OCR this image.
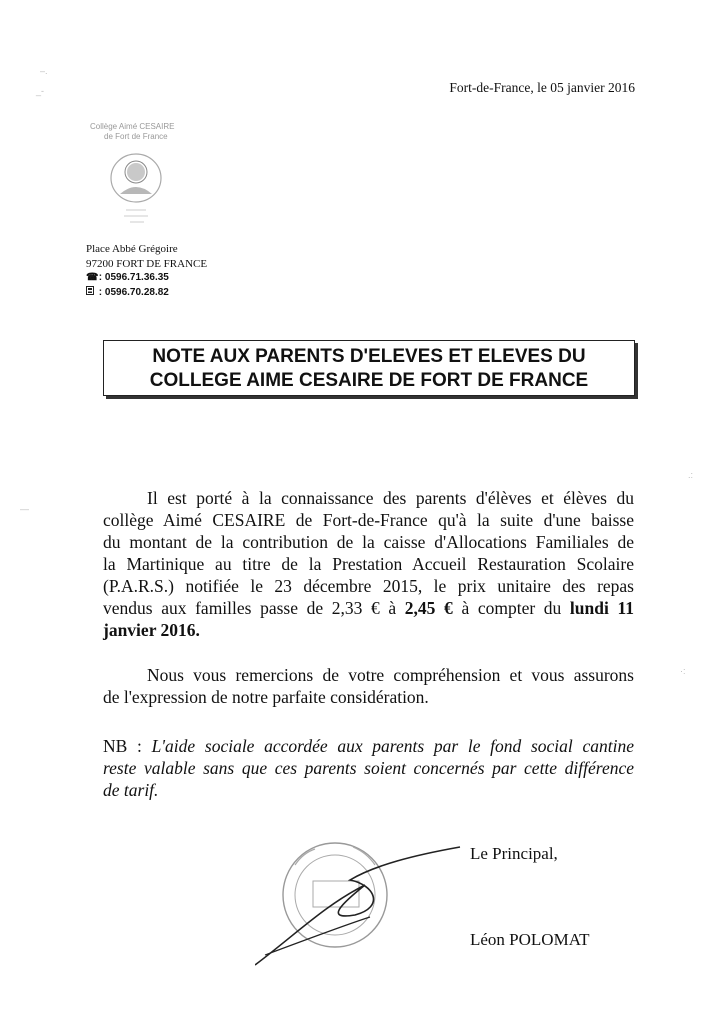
–.
_-
—
.:
·:
Fort-de-France, le 05 janvier 2016
Collège Aimé CESAIRE
de Fort de France
Place Abbé Grégoire
97200 FORT DE FRANCE
☎ : 0596.71.36.35
: 0596.70.28.82
NOTE AUX PARENTS D'ELEVES ET ELEVES DU
COLLEGE AIME CESAIRE DE FORT DE FRANCE
Il est porté à la connaissance des parents d'élèves et élèves du
collège Aimé CESAIRE de Fort-de-France qu'à la suite d'une baisse
du montant de la contribution de la caisse d'Allocations Familiales de
la Martinique au titre de la Prestation Accueil Restauration Scolaire
(P.A.R.S.) notifiée le 23 décembre 2015, le prix unitaire des repas
vendus aux familles passe de 2,33 € à 2,45 € à compter du lundi 11
janvier 2016.
Nous vous remercions de votre compréhension et vous assurons
de l'expression de notre parfaite considération.
NB : L'aide sociale accordée aux parents par le fond social cantine
reste valable sans que ces parents soient concernés par cette différence
de tarif.
Le Principal,
Léon POLOMAT
